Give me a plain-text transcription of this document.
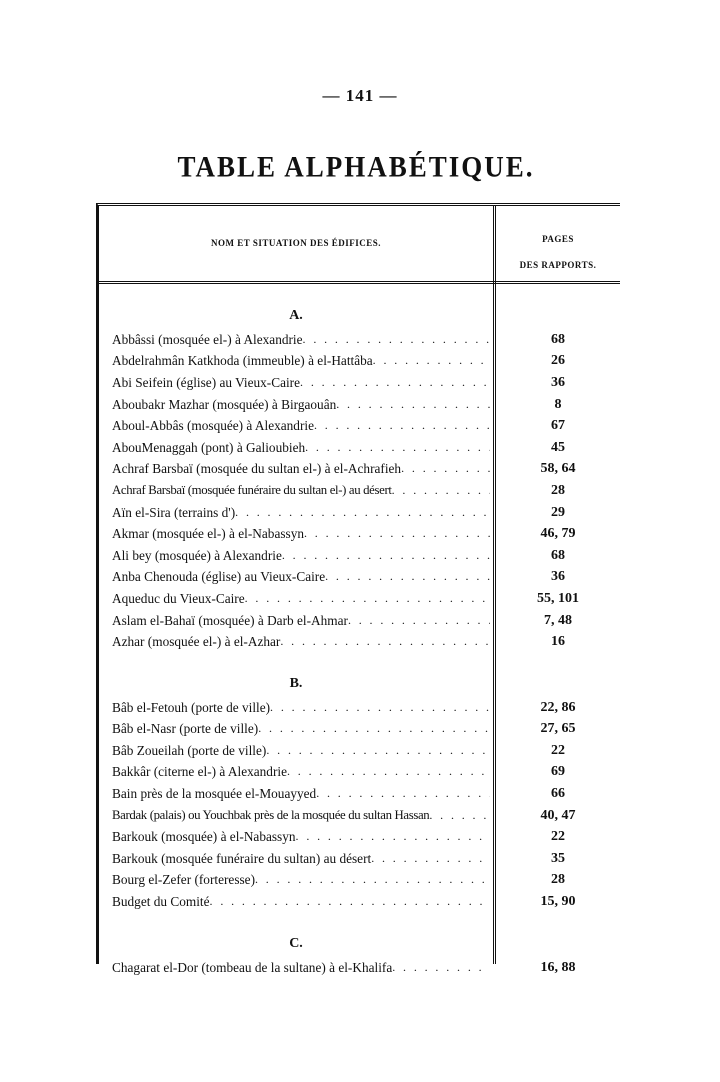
— 141 —
TABLE ALPHABÉTIQUE.
NOM ET SITUATION DES ÉDIFICES.	PAGES
DES RAPPORTS.
A.
Abbâssi (mosquée el-) à Alexandrie . . .	68
Abdelrahmân Katkhoda (immeuble) à el-Hattâba . . .	26
Abi Seifein (église) au Vieux-Caire . . .	36
Aboubakr Mazhar (mosquée) à Birgaouân . . .	8
Aboul-Abbâs (mosquée) à Alexandrie . . .	67
AbouMenaggah (pont) à Galioubieh . . .	45
Achraf Barsbaï (mosquée du sultan el-) à el-Achrafieh . . .	58, 64
Achraf Barsbaï (mosquée funéraire du sultan el-) au désert . . .	28
Aïn el-Sira (terrains d') . . .	29
Akmar (mosquée el-) à el-Nabassyn . . .	46, 79
Ali bey (mosquée) à Alexandrie . . .	68
Anba Chenouda (église) au Vieux-Caire . . .	36
Aqueduc du Vieux-Caire . . .	55, 101
Aslam el-Bahaï (mosquée) à Darb el-Ahmar . . .	7, 48
Azhar (mosquée el-) à el-Azhar . . .	16
B.
Bâb el-Fetouh (porte de ville) . . .	22, 86
Bâb el-Nasr (porte de ville) . . .	27, 65
Bâb Zoueilah (porte de ville) . . .	22
Bakkâr (citerne el-) à Alexandrie . . .	69
Bain près de la mosquée el-Mouayyed . . .	66
Bardak (palais) ou Youchbak près de la mosquée du sultan Hassan . . .	40, 47
Barkouk (mosquée) à el-Nabassyn . . .	22
Barkouk (mosquée funéraire du sultan) au désert . . .	35
Bourg el-Zefer (forteresse) . . .	28
Budget du Comité . . .	15, 90
C.
Chagarat el-Dor (tombeau de la sultane) à el-Khalifa . . .	16, 88
